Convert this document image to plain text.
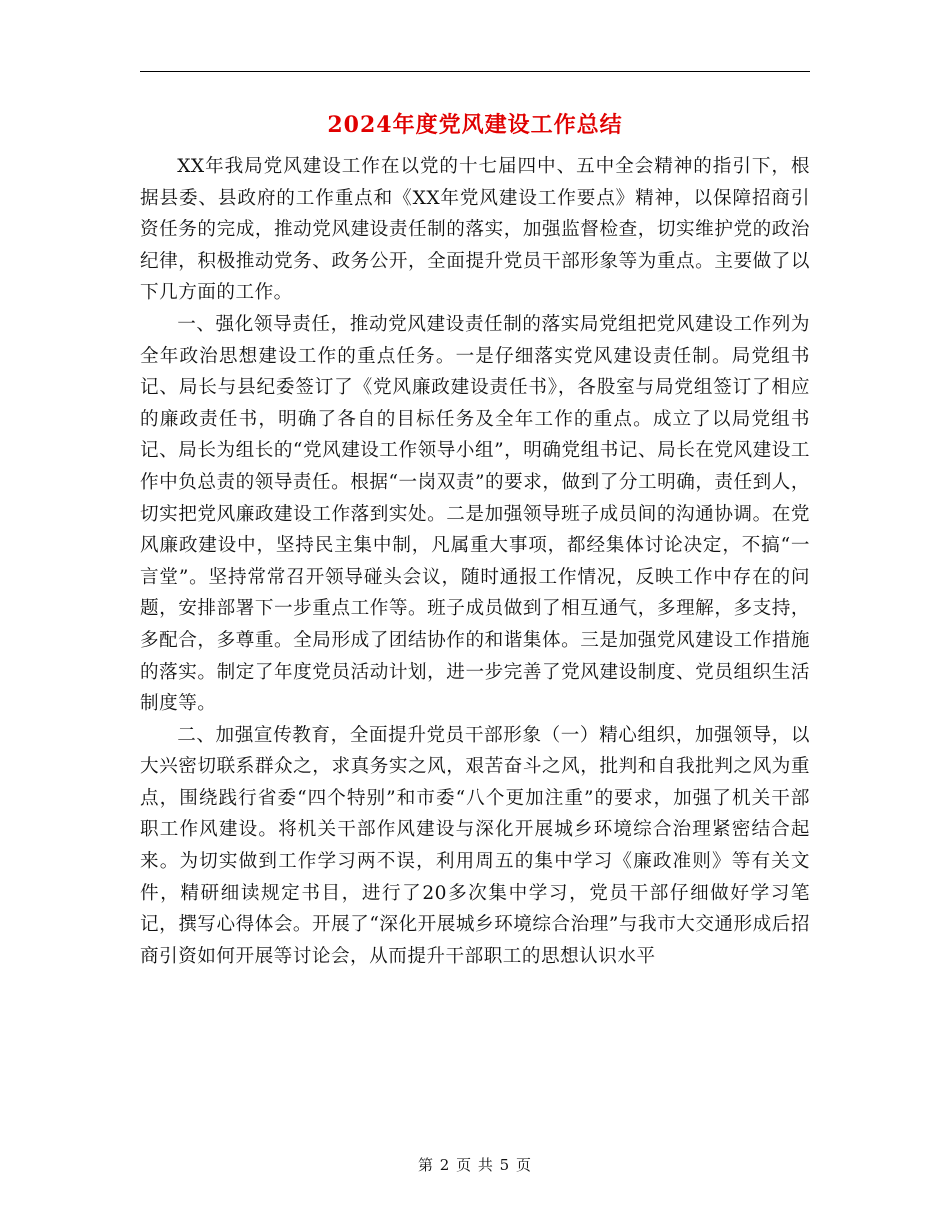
2024年度党风建设工作总结

XX年我局党风建设工作在以党的十七届四中、五中全会精神的指引下，根据县委、县政府的工作重点和《XX年党风建设工作要点》精神，以保障招商引资任务的完成，推动党风建设责任制的落实，加强监督检查，切实维护党的政治纪律，积极推动党务、政务公开，全面提升党员干部形象等为重点。主要做了以下几方面的工作。

一、强化领导责任，推动党风建设责任制的落实局党组把党风建设工作列为全年政治思想建设工作的重点任务。一是仔细落实党风建设责任制。局党组书记、局长与县纪委签订了《党风廉政建设责任书》，各股室与局党组签订了相应的廉政责任书，明确了各自的目标任务及全年工作的重点。成立了以局党组书记、局长为组长的“党风建设工作领导小组”，明确党组书记、局长在党风建设工作中负总责的领导责任。根据“一岗双责”的要求，做到了分工明确，责任到人，切实把党风廉政建设工作落到实处。二是加强领导班子成员间的沟通协调。在党风廉政建设中，坚持民主集中制，凡属重大事项，都经集体讨论决定，不搞“一言堂”。坚持常常召开领导碰头会议，随时通报工作情况，反映工作中存在的问题，安排部署下一步重点工作等。班子成员做到了相互通气，多理解，多支持，多配合，多尊重。全局形成了团结协作的和谐集体。三是加强党风建设工作措施的落实。制定了年度党员活动计划，进一步完善了党风建设制度、党员组织生活制度等。

二、加强宣传教育，全面提升党员干部形象（一）精心组织，加强领导，以大兴密切联系群众之，求真务实之风，艰苦奋斗之风，批判和自我批判之风为重点，围绕践行省委“四个特别”和市委“八个更加注重”的要求，加强了机关干部职工作风建设。将机关干部作风建设与深化开展城乡环境综合治理紧密结合起来。为切实做到工作学习两不误，利用周五的集中学习《廉政准则》等有关文件，精研细读规定书目，进行了20多次集中学习，党员干部仔细做好学习笔记，撰写心得体会。开展了“深化开展城乡环境综合治理”与我市大交通形成后招商引资如何开展等讨论会，从而提升干部职工的思想认识水平

第 2 页 共 5 页
